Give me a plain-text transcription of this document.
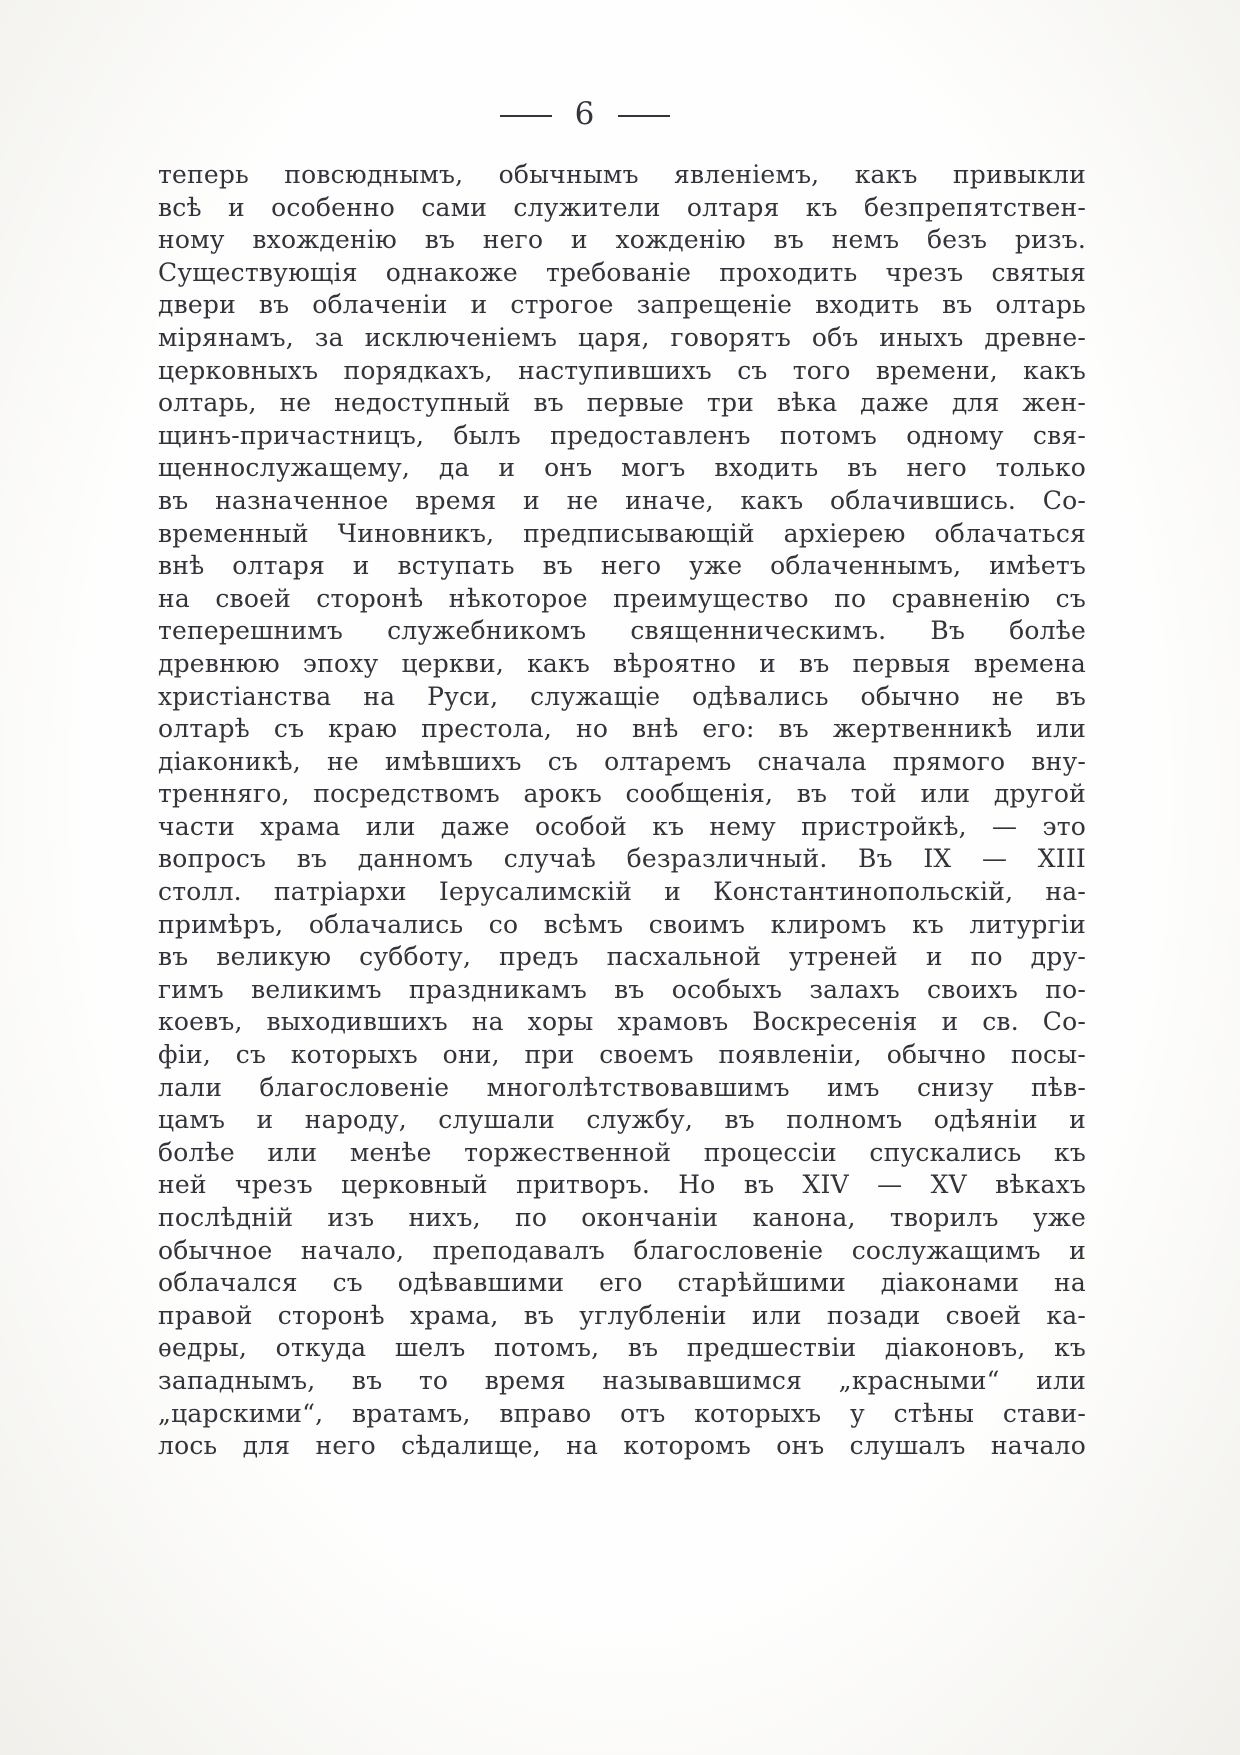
— 6 —
теперь повсюднымъ, обычнымъ явленіемъ, какъ привыкли
всѣ и особенно сами служители олтаря къ безпрепятствен-
ному вхожденію въ него и хожденію въ немъ безъ ризъ.
Существующія однакоже требованіе проходить чрезъ святыя
двери въ облаченіи и строгое запрещеніе входить въ олтарь
мірянамъ, за исключеніемъ царя, говорятъ объ иныхъ древне-
церковныхъ порядкахъ, наступившихъ съ того времени, какъ
олтарь, не недоступный въ первые три вѣка даже для жен-
щинъ-причастницъ, былъ предоставленъ потомъ одному свя-
щеннослужащему, да и онъ могъ входить въ него только
въ назначенное время и не иначе, какъ облачившись. Со-
временный Чиновникъ, предписывающій архіерею облачаться
внѣ олтаря и вступать въ него уже облаченнымъ, имѣетъ
на своей сторонѣ нѣкоторое преимущество по сравненію съ
теперешнимъ служебникомъ священническимъ. Въ болѣе
древнюю эпоху церкви, какъ вѣроятно и въ первыя времена
христіанства на Руси, служащіе одѣвались обычно не въ
олтарѣ съ краю престола, но внѣ его: въ жертвенникѣ или
діаконикѣ, не имѣвшихъ съ олтаремъ сначала прямого вну-
тренняго, посредствомъ арокъ сообщенія, въ той или другой
части храма или даже особой къ нему пристройкѣ, — это
вопросъ въ данномъ случаѣ безразличный. Въ IX — XIII
столл. патріархи Іерусалимскій и Константинопольскій, на-
примѣръ, облачались со всѣмъ своимъ клиромъ къ литургіи
въ великую субботу, предъ пасхальной утреней и по дру-
гимъ великимъ праздникамъ въ особыхъ залахъ своихъ по-
коевъ, выходившихъ на хоры храмовъ Воскресенія и св. Со-
фіи, съ которыхъ они, при своемъ появленіи, обычно посы-
лали благословеніе многолѣтствовавшимъ имъ снизу пѣв-
цамъ и народу, слушали службу, въ полномъ одѣяніи и
болѣе или менѣе торжественной процессіи спускались къ
ней чрезъ церковный притворъ. Но въ XIV — XV вѣкахъ
послѣдній изъ нихъ, по окончаніи канона, творилъ уже
обычное начало, преподавалъ благословеніе сослужащимъ и
облачался съ одѣвавшими его старѣйшими діаконами на
правой сторонѣ храма, въ углубленіи или позади своей ка-
ѳедры, откуда шелъ потомъ, въ предшествіи діаконовъ, къ
западнымъ, въ то время называвшимся „красными“ или
„царскими“, вратамъ, вправо отъ которыхъ у стѣны стави-
лось для него сѣдалище, на которомъ онъ слушалъ начало
